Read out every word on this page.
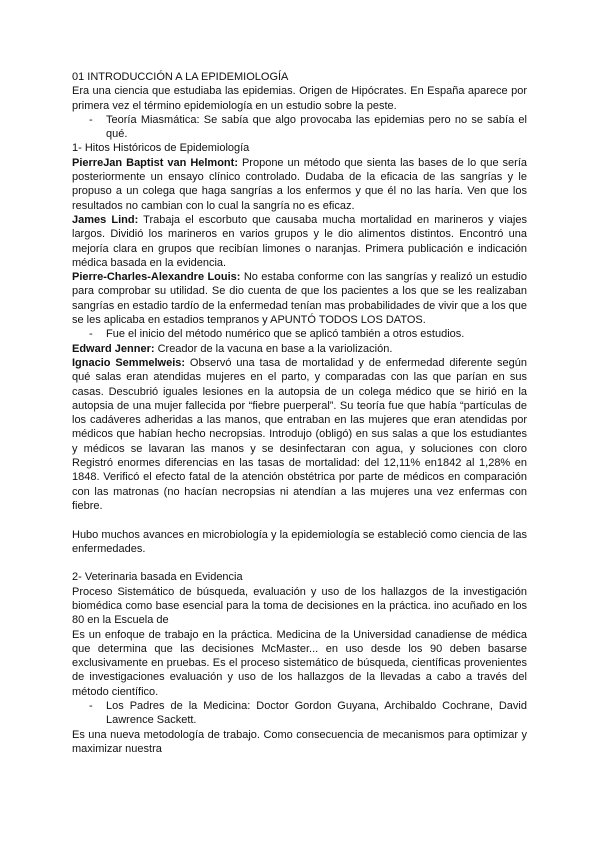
01 INTRODUCCIÓN A LA EPIDEMIOLOGÍA

Era una ciencia que estudiaba las epidemias. Origen de Hipócrates. En España aparece por primera vez el término epidemiología en un estudio sobre la peste.

-	Teoría Miasmática: Se sabía que algo provocaba las epidemias pero no se sabía el qué.

1- Hitos Históricos de Epidemiología

PierreJan Baptist van Helmont: Propone un método que sienta las bases de lo que sería posteriormente un ensayo clínico controlado. Dudaba de la eficacia de las sangrías y le propuso a un colega que haga sangrías a los enfermos y que él no las haría. Ven que los resultados no cambian con lo cual la sangría no es eficaz.

James Lind: Trabaja el escorbuto que causaba mucha mortalidad en marineros y viajes largos. Dividió los marineros en varios grupos y le dio alimentos distintos. Encontró una mejoría clara en grupos que recibían limones o naranjas. Primera publicación e indicación médica basada en la evidencia.

Pierre-Charles-Alexandre Louis: No estaba conforme con las sangrías y realizó un estudio para comprobar su utilidad. Se dio cuenta de que los pacientes a los que se les realizaban sangrías en estadio tardío de la enfermedad tenían mas probabilidades de vivir que a los que se les aplicaba en estadios tempranos y APUNTÓ TODOS LOS DATOS.

-	Fue el inicio del método numérico que se aplicó también a otros estudios.

Edward Jenner: Creador de la vacuna en base a la variolización.

Ignacio Semmelweis: Observó una tasa de mortalidad y de enfermedad diferente según qué salas eran atendidas mujeres en el parto, y comparadas con las que parían en sus casas. Descubrió iguales lesiones en la autopsia de un colega médico que se hirió en la autopsia de una mujer fallecida por “fiebre puerperal”. Su teoría fue que había “partículas de los cadáveres adheridas a las manos, que entraban en las mujeres que eran atendidas por médicos que habían hecho necropsias. Introdujo (obligó) en sus salas a que los estudiantes y médicos se lavaran las manos y se desinfectaran con agua, y soluciones con cloro Registró enormes diferencias en las tasas de mortalidad: del 12,11% en1842 al 1,28% en 1848. Verificó el efecto fatal de la atención obstétrica por parte de médicos en comparación con las matronas (no hacían necropsias ni atendían a las mujeres una vez enfermas con fiebre.

Hubo muchos avances en microbiología y la epidemiología se estableció como ciencia de las enfermedades.

2- Veterinaria basada en Evidencia

Proceso Sistemático de búsqueda, evaluación y uso de los hallazgos de la investigación biomédica como base esencial para la toma de decisiones en la práctica. ino acuñado en los 80 en la Escuela de

Es un enfoque de trabajo en la práctica. Medicina de la Universidad canadiense de médica que determina que las decisiones McMaster... en uso desde los 90 deben basarse exclusivamente en pruebas. Es el proceso sistemático de búsqueda, científicas provenientes de investigaciones evaluación y uso de los hallazgos de la llevadas a cabo a través del método científico.

-	Los Padres de la Medicina: Doctor Gordon Guyana, Archibaldo Cochrane, David Lawrence Sackett.

Es una nueva metodología de trabajo. Como consecuencia de mecanismos para optimizar y maximizar nuestra
